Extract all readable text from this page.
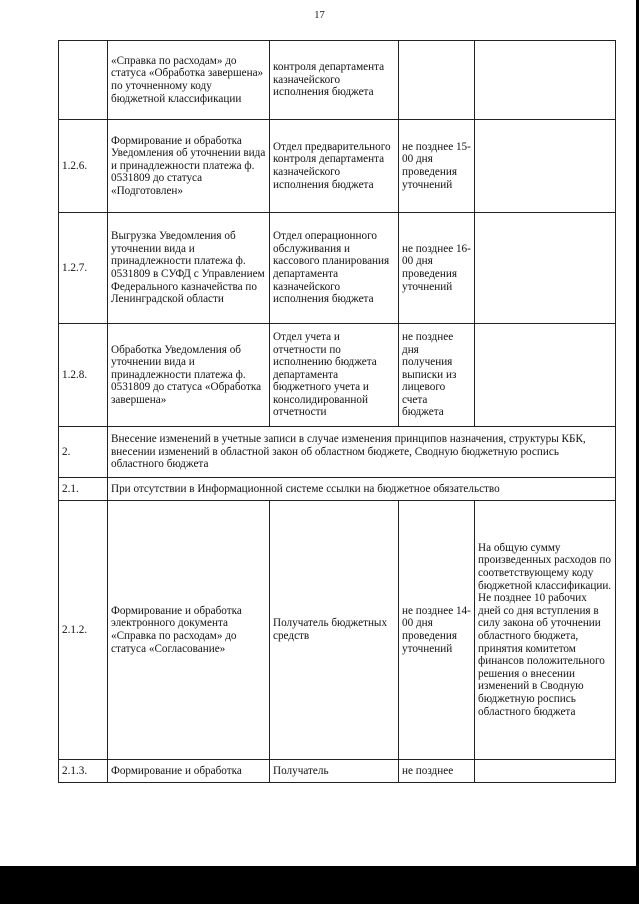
17
	«Справка по расходам» до статуса «Обработка завершена» по уточненному коду бюджетной классификации	контроля департамента казначейского исполнения бюджета		
1.2.6.	Формирование и обработка Уведомления об уточнении вида и принадлежности платежа ф. 0531809 до статуса «Подготовлен»	Отдел предварительного контроля департамента казначейского исполнения бюджета	не позднее 15-00 дня проведения уточнений	
1.2.7.	Выгрузка Уведомления об уточнении вида и принадлежности платежа ф. 0531809 в СУФД с Управлением Федерального казначейства по Ленинградской области	Отдел операционного обслуживания и кассового планирования департамента казначейского исполнения бюджета	не позднее 16-00 дня проведения уточнений	
1.2.8.	Обработка Уведомления об уточнении вида и принадлежности платежа ф. 0531809 до статуса «Обработка завершена»	Отдел учета и отчетности по исполнению бюджета департамента бюджетного учета и консолидированной отчетности	не позднее дня получения выписки из лицевого счета бюджета	
2.	Внесение изменений в учетные записи в случае изменения принципов назначения, структуры КБК, внесении изменений в областной закон об областном бюджете, Сводную бюджетную роспись областного бюджета			
2.1.	При отсутствии в Информационной системе ссылки на бюджетное обязательство			
2.1.2.	Формирование и обработка электронного документа «Справка по расходам» до статуса «Согласование»	Получатель бюджетных средств	не позднее 14-00 дня проведения уточнений	На общую сумму произведенных расходов по соответствующему коду бюджетной классификации. Не позднее 10 рабочих дней со дня вступления в силу закона об уточнении областного бюджета, принятия комитетом финансов положительного решения о внесении изменений в Сводную бюджетную роспись областного бюджета
2.1.3.	Формирование и обработка	Получатель	не позднее	
